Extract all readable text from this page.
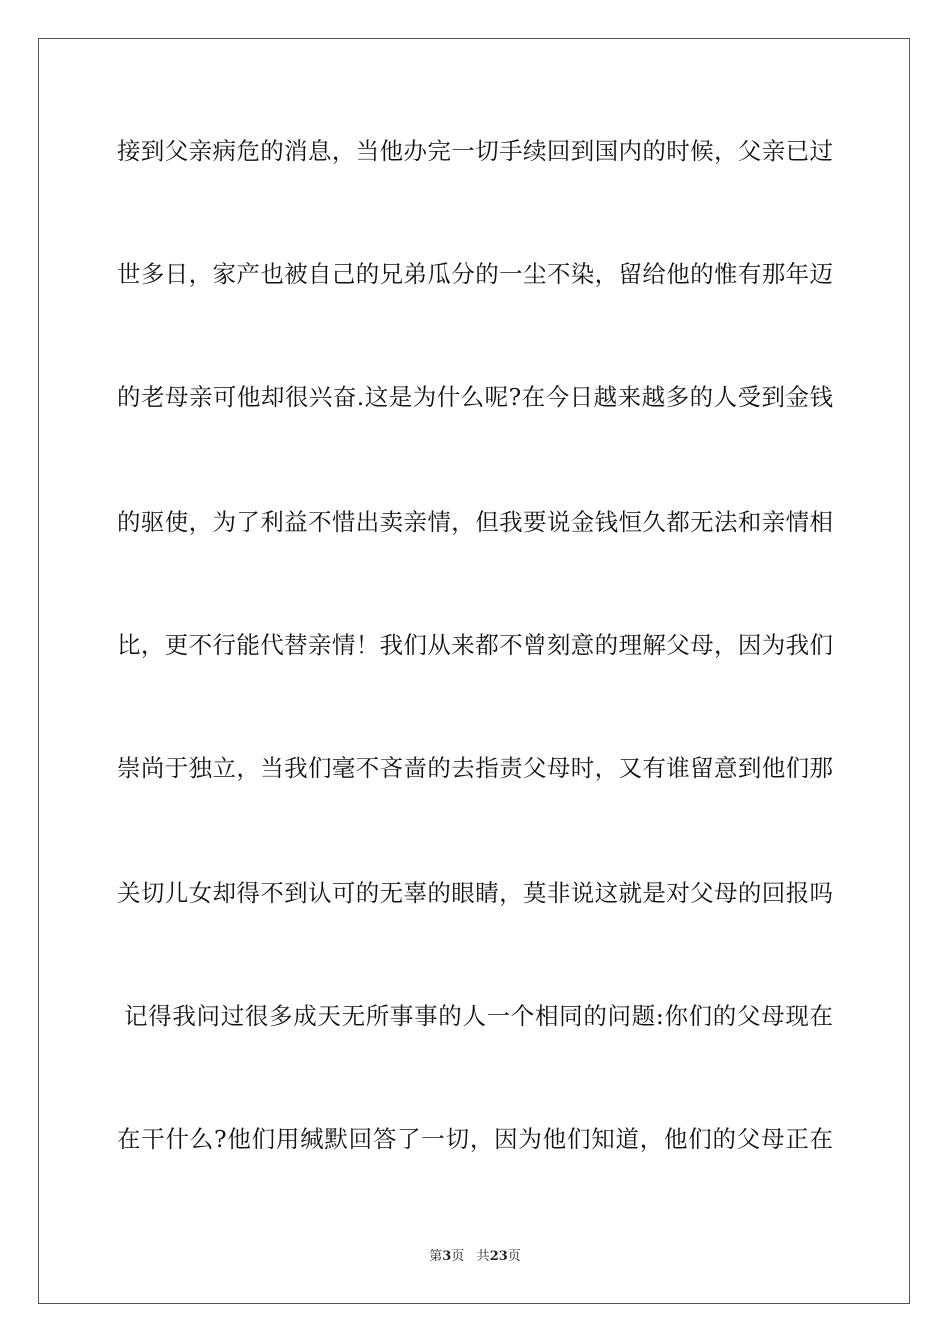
接到父亲病危的消息，当他办完一切手续回到国内的时候，父亲已过
世多日，家产也被自己的兄弟瓜分的一尘不染，留给他的惟有那年迈
的老母亲可他却很兴奋.这是为什么呢?在今日越来越多的人受到金钱
的驱使，为了利益不惜出卖亲情，但我要说金钱恒久都无法和亲情相
比，更不行能代替亲情！我们从来都不曾刻意的理解父母，因为我们
崇尚于独立，当我们毫不吝啬的去指责父母时，又有谁留意到他们那
关切儿女却得不到认可的无辜的眼睛，莫非说这就是对父母的回报吗
记得我问过很多成天无所事事的人一个相同的问题:你们的父母现在
在干什么?他们用缄默回答了一切，因为他们知道，他们的父母正在
第3页 共23页
